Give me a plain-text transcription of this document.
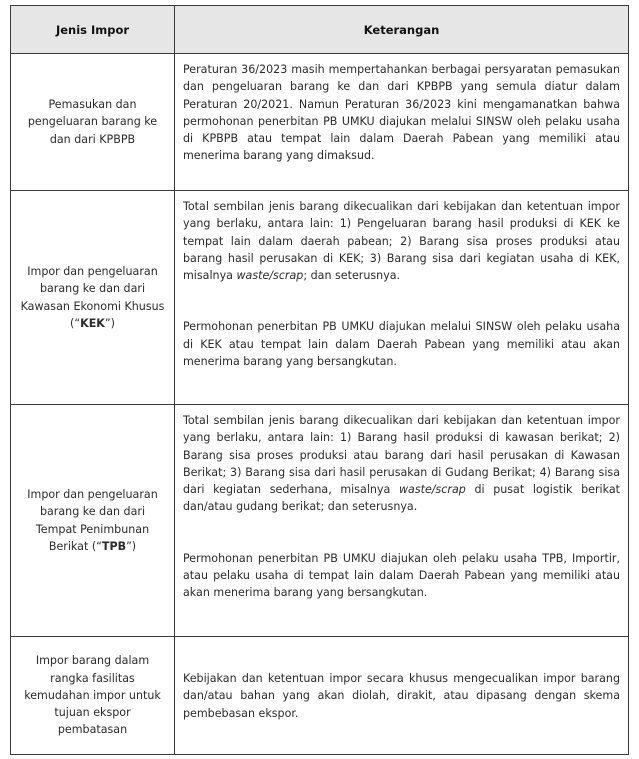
Jenis Impor	Keterangan
Pemasukan dan pengeluaran barang ke dan dari KPBPB	Peraturan 36/2023 masih mempertahankan berbagai persyaratan pemasukan dan pengeluaran barang ke dan dari KPBPB yang semula diatur dalam Peraturan 20/2021. Namun Peraturan 36/2023 kini mengamanatkan bahwa permohonan penerbitan PB UMKU diajukan melalui SINSW oleh pelaku usaha di KPBPB atau tempat lain dalam Daerah Pabean yang memiliki atau menerima barang yang dimaksud.

Impor dan pengeluaran barang ke dan dari Kawasan Ekonomi Khusus (“KEK”)	Total sembilan jenis barang dikecualikan dari kebijakan dan ketentuan impor yang berlaku, antara lain: 1) Pengeluaran barang hasil produksi di KEK ke tempat lain dalam daerah pabean; 2) Barang sisa proses produksi atau barang hasil perusakan di KEK; 3) Barang sisa dari kegiatan usaha di KEK, misalnya waste/scrap; dan seterusnya.

Permohonan penerbitan PB UMKU diajukan melalui SINSW oleh pelaku usaha di KEK atau tempat lain dalam Daerah Pabean yang memiliki atau akan menerima barang yang bersangkutan.

Impor dan pengeluaran barang ke dan dari Tempat Penimbunan Berikat (“TPB”)	Total sembilan jenis barang dikecualikan dari kebijakan dan ketentuan impor yang berlaku, antara lain: 1) Barang hasil produksi di kawasan berikat; 2) Barang sisa proses produksi atau barang dari hasil perusakan di Kawasan Berikat; 3) Barang sisa dari hasil perusakan di Gudang Berikat; 4) Barang sisa dari kegiatan sederhana, misalnya waste/scrap di pusat logistik berikat dan/atau gudang berikat; dan seterusnya.

Permohonan penerbitan PB UMKU diajukan oleh pelaku usaha TPB, Importir, atau pelaku usaha di tempat lain dalam Daerah Pabean yang memiliki atau akan menerima barang yang bersangkutan.

Impor barang dalam rangka fasilitas kemudahan impor untuk tujuan ekspor pembatasan	Kebijakan dan ketentuan impor secara khusus mengecualikan impor barang dan/atau bahan yang akan diolah, dirakit, atau dipasang dengan skema pembebasan ekspor.
